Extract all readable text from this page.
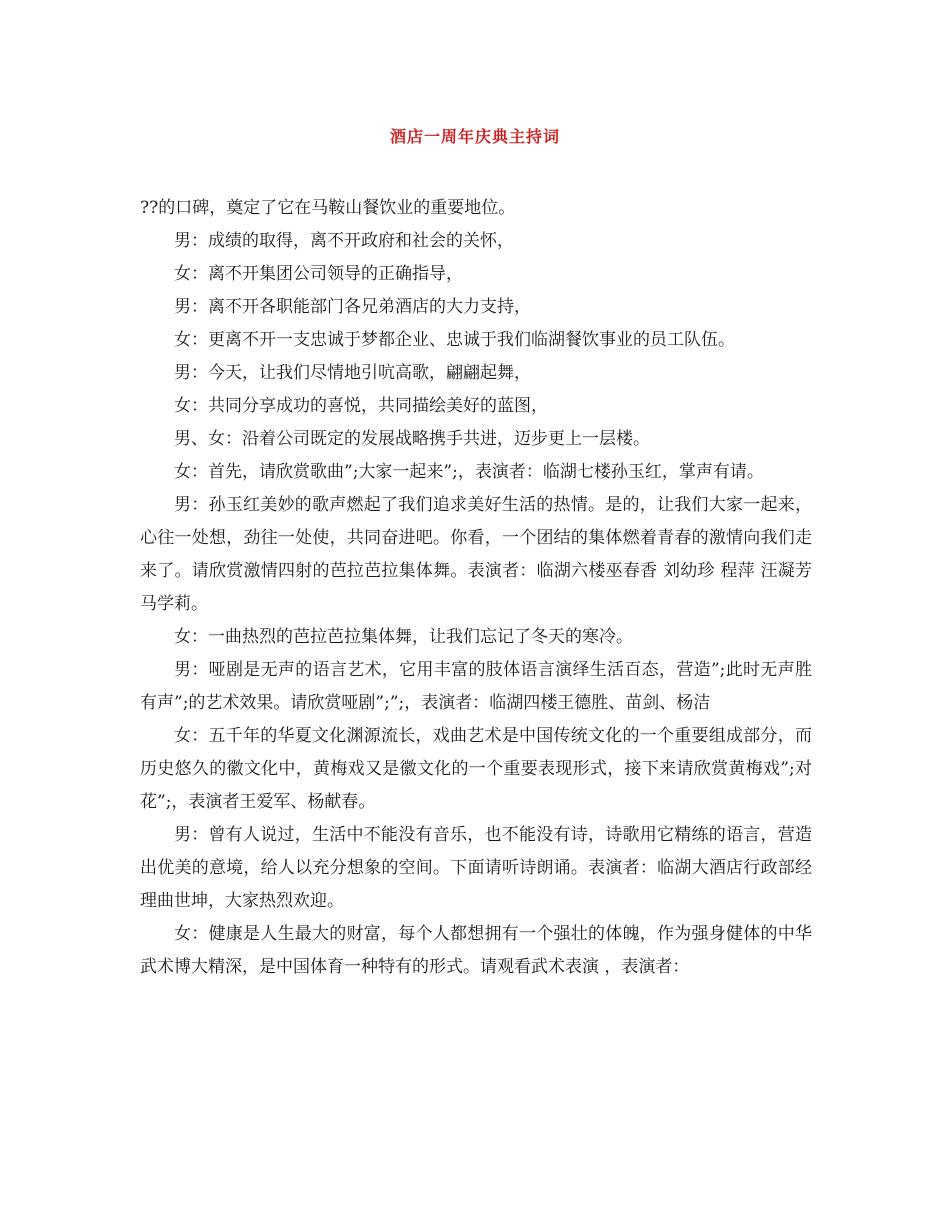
酒店一周年庆典主持词

??的口碑，奠定了它在马鞍山餐饮业的重要地位。

男：成绩的取得，离不开政府和社会的关怀，

女：离不开集团公司领导的正确指导，

男：离不开各职能部门各兄弟酒店的大力支持，

女：更离不开一支忠诚于梦都企业、忠诚于我们临湖餐饮事业的员工队伍。

男：今天，让我们尽情地引吭高歌，翩翩起舞，

女：共同分享成功的喜悦，共同描绘美好的蓝图，

男、女：沿着公司既定的发展战略携手共进，迈步更上一层楼。

女：首先，请欣赏歌曲”;大家一起来”;，表演者：临湖七楼孙玉红，掌声有请。

男：孙玉红美妙的歌声燃起了我们追求美好生活的热情。是的，让我们大家一起来，心往一处想，劲往一处使，共同奋进吧。你看，一个团结的集体燃着青春的激情向我们走来了。请欣赏激情四射的芭拉芭拉集体舞。表演者：临湖六楼巫春香 刘幼珍 程萍 汪凝芳 马学莉。

女：一曲热烈的芭拉芭拉集体舞，让我们忘记了冬天的寒冷。

男：哑剧是无声的语言艺术，它用丰富的肢体语言演绎生活百态，营造”;此时无声胜有声”;的艺术效果。请欣赏哑剧”;”;，表演者：临湖四楼王德胜、苗剑、杨洁

女：五千年的华夏文化渊源流长，戏曲艺术是中国传统文化的一个重要组成部分，而历史悠久的徽文化中，黄梅戏又是徽文化的一个重要表现形式，接下来请欣赏黄梅戏”;对花”;，表演者王爱军、杨献春。

男：曾有人说过，生活中不能没有音乐，也不能没有诗，诗歌用它精练的语言，营造出优美的意境，给人以充分想象的空间。下面请听诗朗诵。表演者：临湖大酒店行政部经理曲世坤，大家热烈欢迎。

女：健康是人生最大的财富，每个人都想拥有一个强壮的体魄，作为强身健体的中华武术博大精深，是中国体育一种特有的形式。请观看武术表演 ，表演者：
